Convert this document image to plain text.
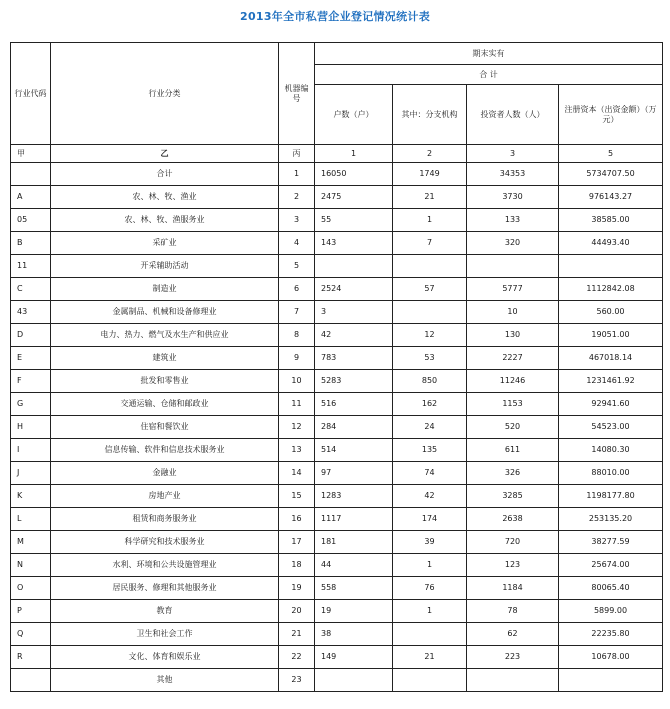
2013年全市私营企业登记情况统计表
行业代码	行业分类	机器编号	期末实有			
			合 计			
			户数（户）	其中：分支机构	投资者人数（人）	注册资本（出资金额）（万元）
甲	乙	丙	1	2	3	5
	合计	1	16050	1749	34353	5734707.50
A	农、林、牧、渔业	2	2475	21	3730	976143.27
05	农、林、牧、渔服务业	3	55	1	133	38585.00
B	采矿业	4	143	7	320	44493.40
11	开采辅助活动	5				
C	制造业	6	2524	57	5777	1112842.08
43	金属制品、机械和设备修理业	7	3		10	560.00
D	电力、热力、燃气及水生产和供应业	8	42	12	130	19051.00
E	建筑业	9	783	53	2227	467018.14
F	批发和零售业	10	5283	850	11246	1231461.92
G	交通运输、仓储和邮政业	11	516	162	1153	92941.60
H	住宿和餐饮业	12	284	24	520	54523.00
I	信息传输、软件和信息技术服务业	13	514	135	611	14080.30
J	金融业	14	97	74	326	88010.00
K	房地产业	15	1283	42	3285	1198177.80
L	租赁和商务服务业	16	1117	174	2638	253135.20
M	科学研究和技术服务业	17	181	39	720	38277.59
N	水利、环境和公共设施管理业	18	44	1	123	25674.00
O	居民服务、修理和其他服务业	19	558	76	1184	80065.40
P	教育	20	19	1	78	5899.00
Q	卫生和社会工作	21	38		62	22235.80
R	文化、体育和娱乐业	22	149	21	223	10678.00
	其他	23				
